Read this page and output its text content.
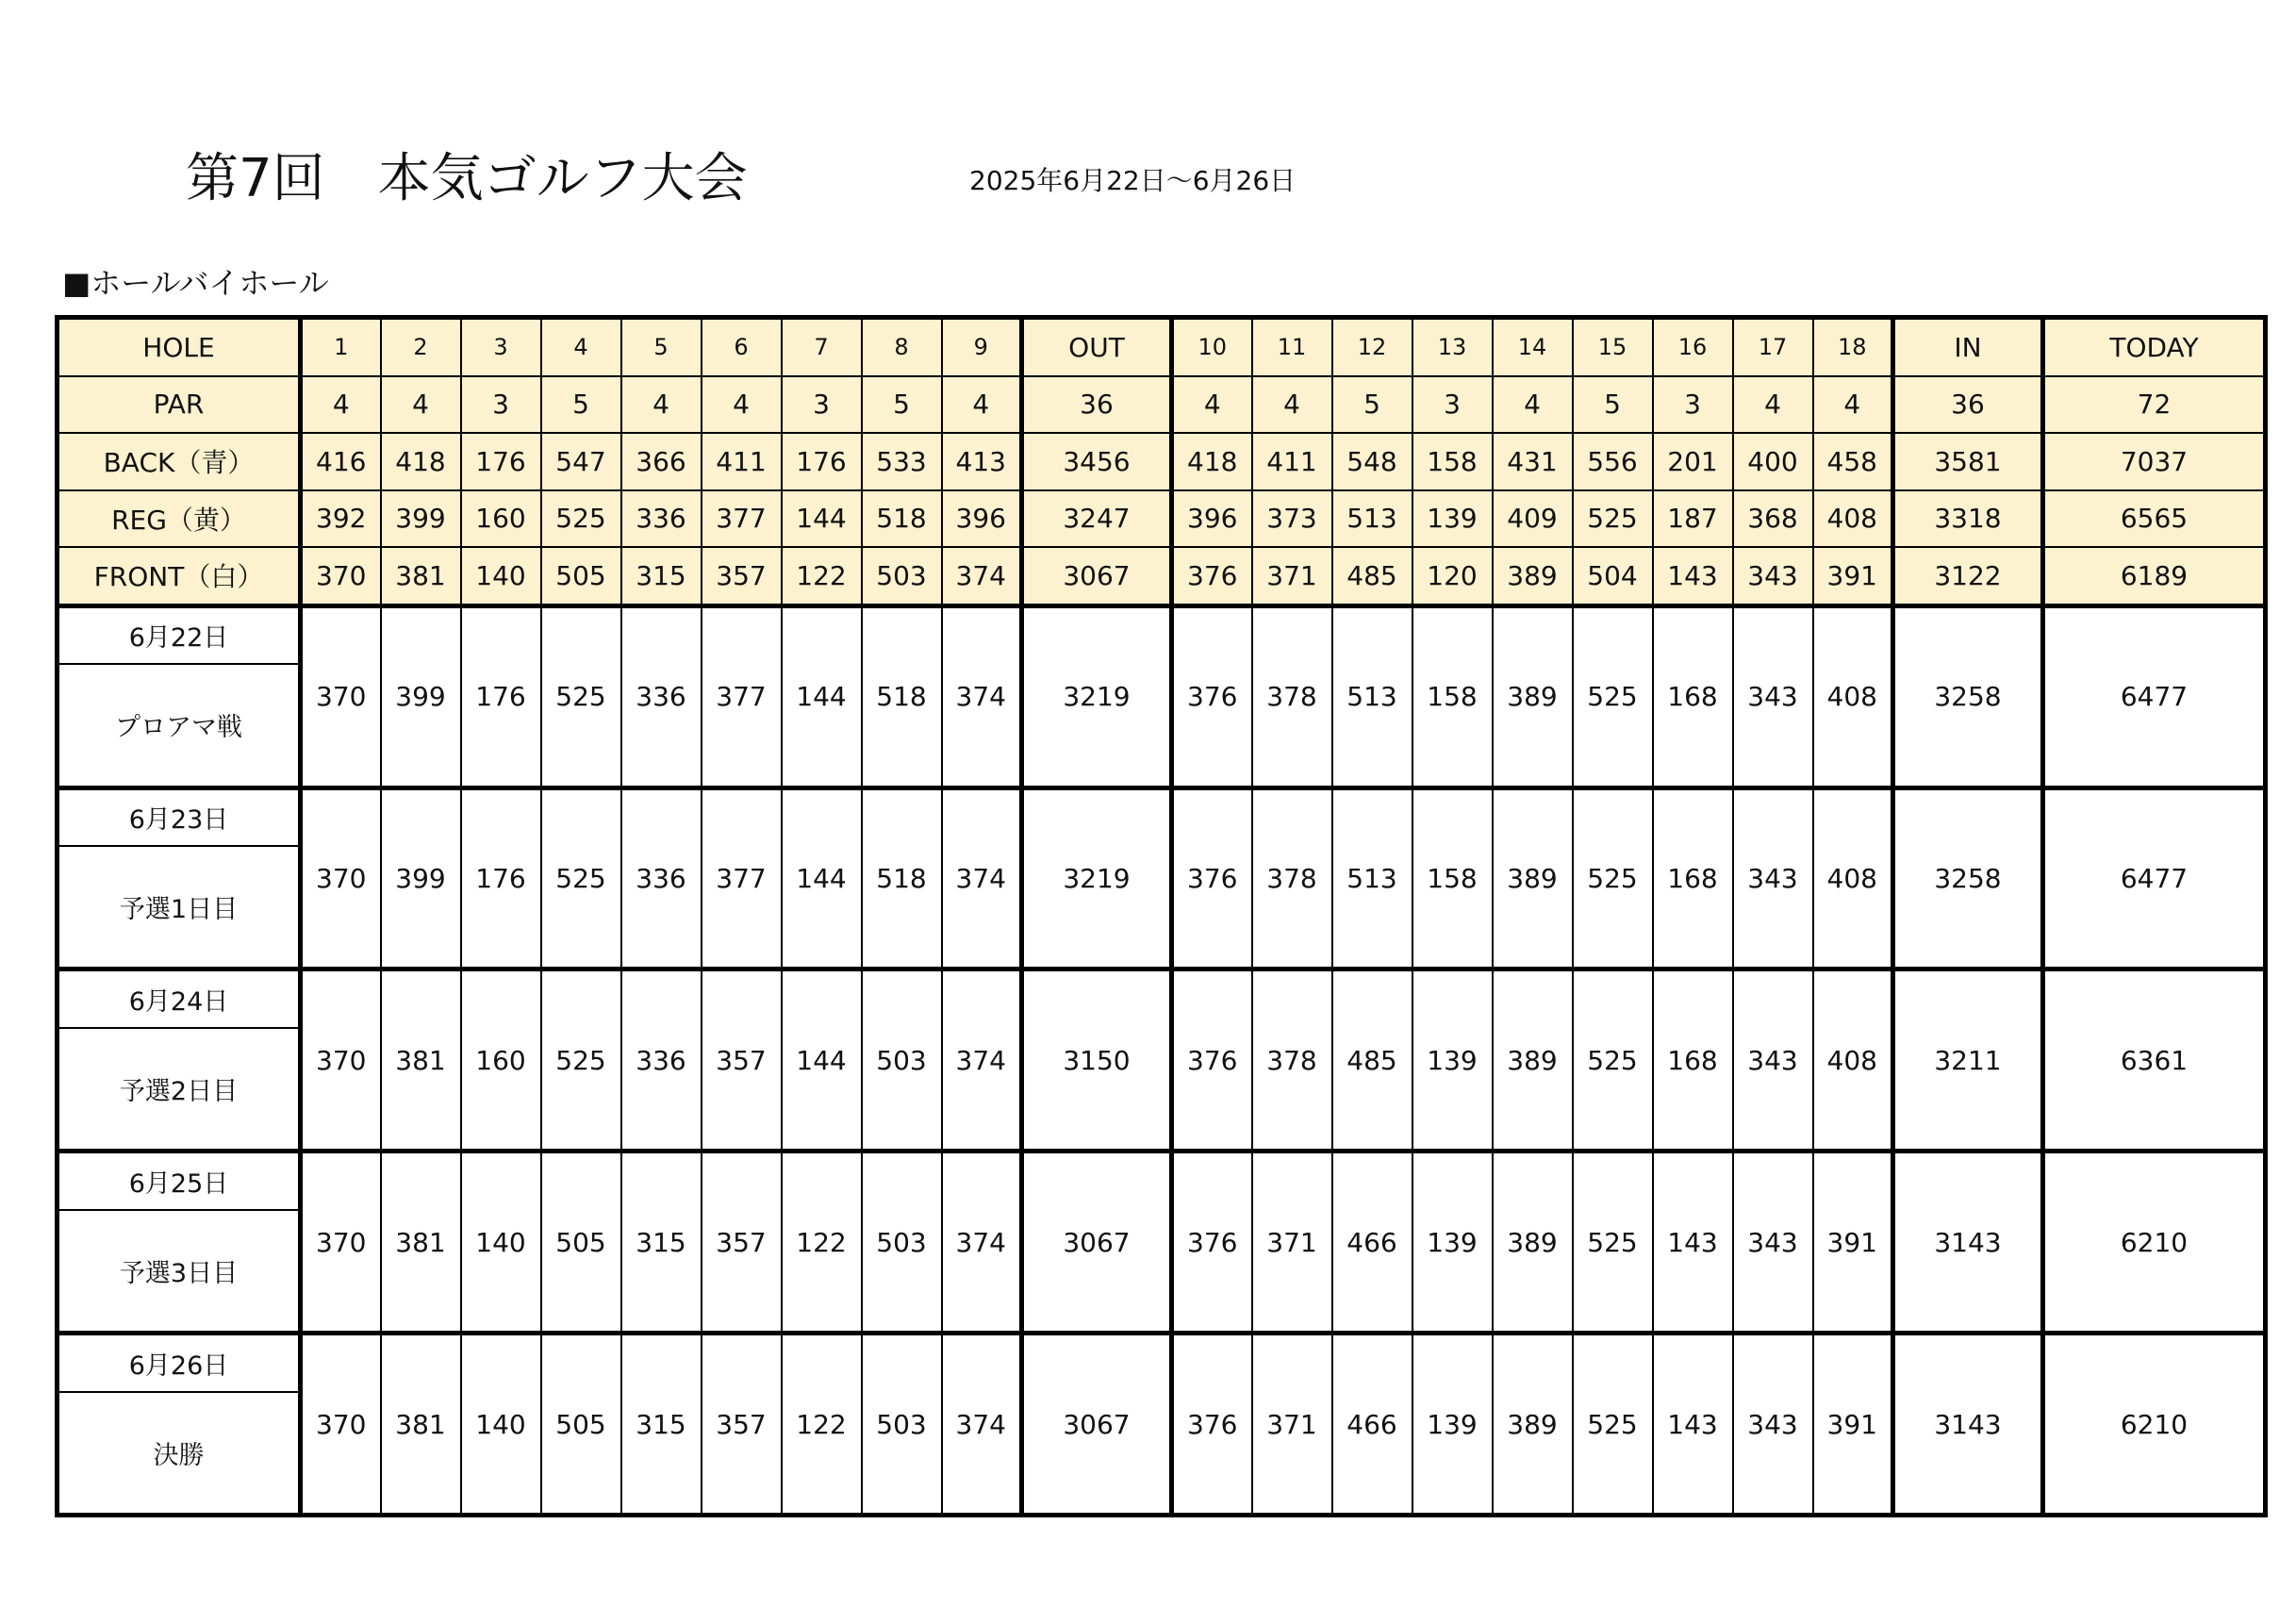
第7回　本気ゴルフ大会	2025年6月22日～6月26日
■ホールバイホール
HOLE	1	2	3	4	5	6	7	8	9	OUT	10	11	12	13	14	15	16	17	18	IN	TODAY
PAR	4	4	3	5	4	4	3	5	4	36	4	4	5	3	4	5	3	4	4	36	72
BACK（青）	416	418	176	547	366	411	176	533	413	3456	418	411	548	158	431	556	201	400	458	3581	7037
REG（黄）	392	399	160	525	336	377	144	518	396	3247	396	373	513	139	409	525	187	368	408	3318	6565
FRONT（白）	370	381	140	505	315	357	122	503	374	3067	376	371	485	120	389	504	143	343	391	3122	6189
6月22日	370	399	176	525	336	377	144	518	374	3219	376	378	513	158	389	525	168	343	408	3258	6477
プロアマ戦																					
6月23日	370	399	176	525	336	377	144	518	374	3219	376	378	513	158	389	525	168	343	408	3258	6477
予選1日目																					
6月24日	370	381	160	525	336	357	144	503	374	3150	376	378	485	139	389	525	168	343	408	3211	6361
予選2日目																					
6月25日	370	381	140	505	315	357	122	503	374	3067	376	371	466	139	389	525	143	343	391	3143	6210
予選3日目																					
6月26日	370	381	140	505	315	357	122	503	374	3067	376	371	466	139	389	525	143	343	391	3143	6210
決勝																					
